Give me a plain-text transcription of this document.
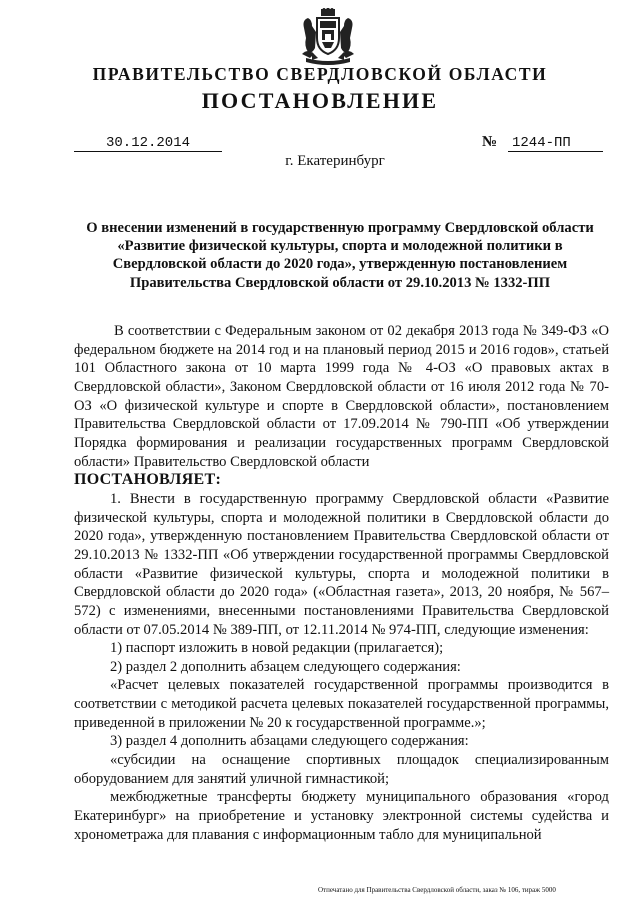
ПРАВИТЕЛЬСТВО СВЕРДЛОВСКОЙ ОБЛАСТИ
ПОСТАНОВЛЕНИЕ
30.12.2014	№ 1244-ПП
г. Екатеринбург
О внесении изменений в государственную программу Свердловской области «Развитие физической культуры, спорта и молодежной политики в Свердловской области до 2020 года», утвержденную постановлением Правительства Свердловской области от 29.10.2013 № 1332-ПП

В соответствии с Федеральным законом от 02 декабря 2013 года № 349-ФЗ «О федеральном бюджете на 2014 год и на плановый период 2015 и 2016 годов», статьей 101 Областного закона от 10 марта 1999 года № 4-ОЗ «О правовых актах в Свердловской области», Законом Свердловской области от 16 июля 2012 года № 70-ОЗ «О физической культуре и спорте в Свердловской области», постановлением Правительства Свердловской области от 17.09.2014 № 790-ПП «Об утверждении Порядка формирования и реализации государственных программ Свердловской области» Правительство Свердловской области

ПОСТАНОВЛЯЕТ:

1. Внести в государственную программу Свердловской области «Развитие физической культуры, спорта и молодежной политики в Свердловской области до 2020 года», утвержденную постановлением Правительства Свердловской области от 29.10.2013 № 1332-ПП «Об утверждении государственной программы Свердловской области «Развитие физической культуры, спорта и молодежной политики в Свердловской области до 2020 года» («Областная газета», 2013, 20 ноября, № 567–572) с изменениями, внесенными постановлениями Правительства Свердловской области от 07.05.2014 № 389-ПП, от 12.11.2014 № 974-ПП, следующие изменения:

1) паспорт изложить в новой редакции (прилагается);

2) раздел 2 дополнить абзацем следующего содержания:

«Расчет целевых показателей государственной программы производится в соответствии с методикой расчета целевых показателей государственной программы, приведенной в приложении № 20 к государственной программе.»;

3) раздел 4 дополнить абзацами следующего содержания:

«субсидии на оснащение спортивных площадок специализированным оборудованием для занятий уличной гимнастикой;

межбюджетные трансферты бюджету муниципального образования «город Екатеринбург» на приобретение и установку электронной системы судейства и хронометража для плавания с информационным табло для муниципальной

Отпечатано для Правительства Свердловской области, заказ № 106, тираж 5000
